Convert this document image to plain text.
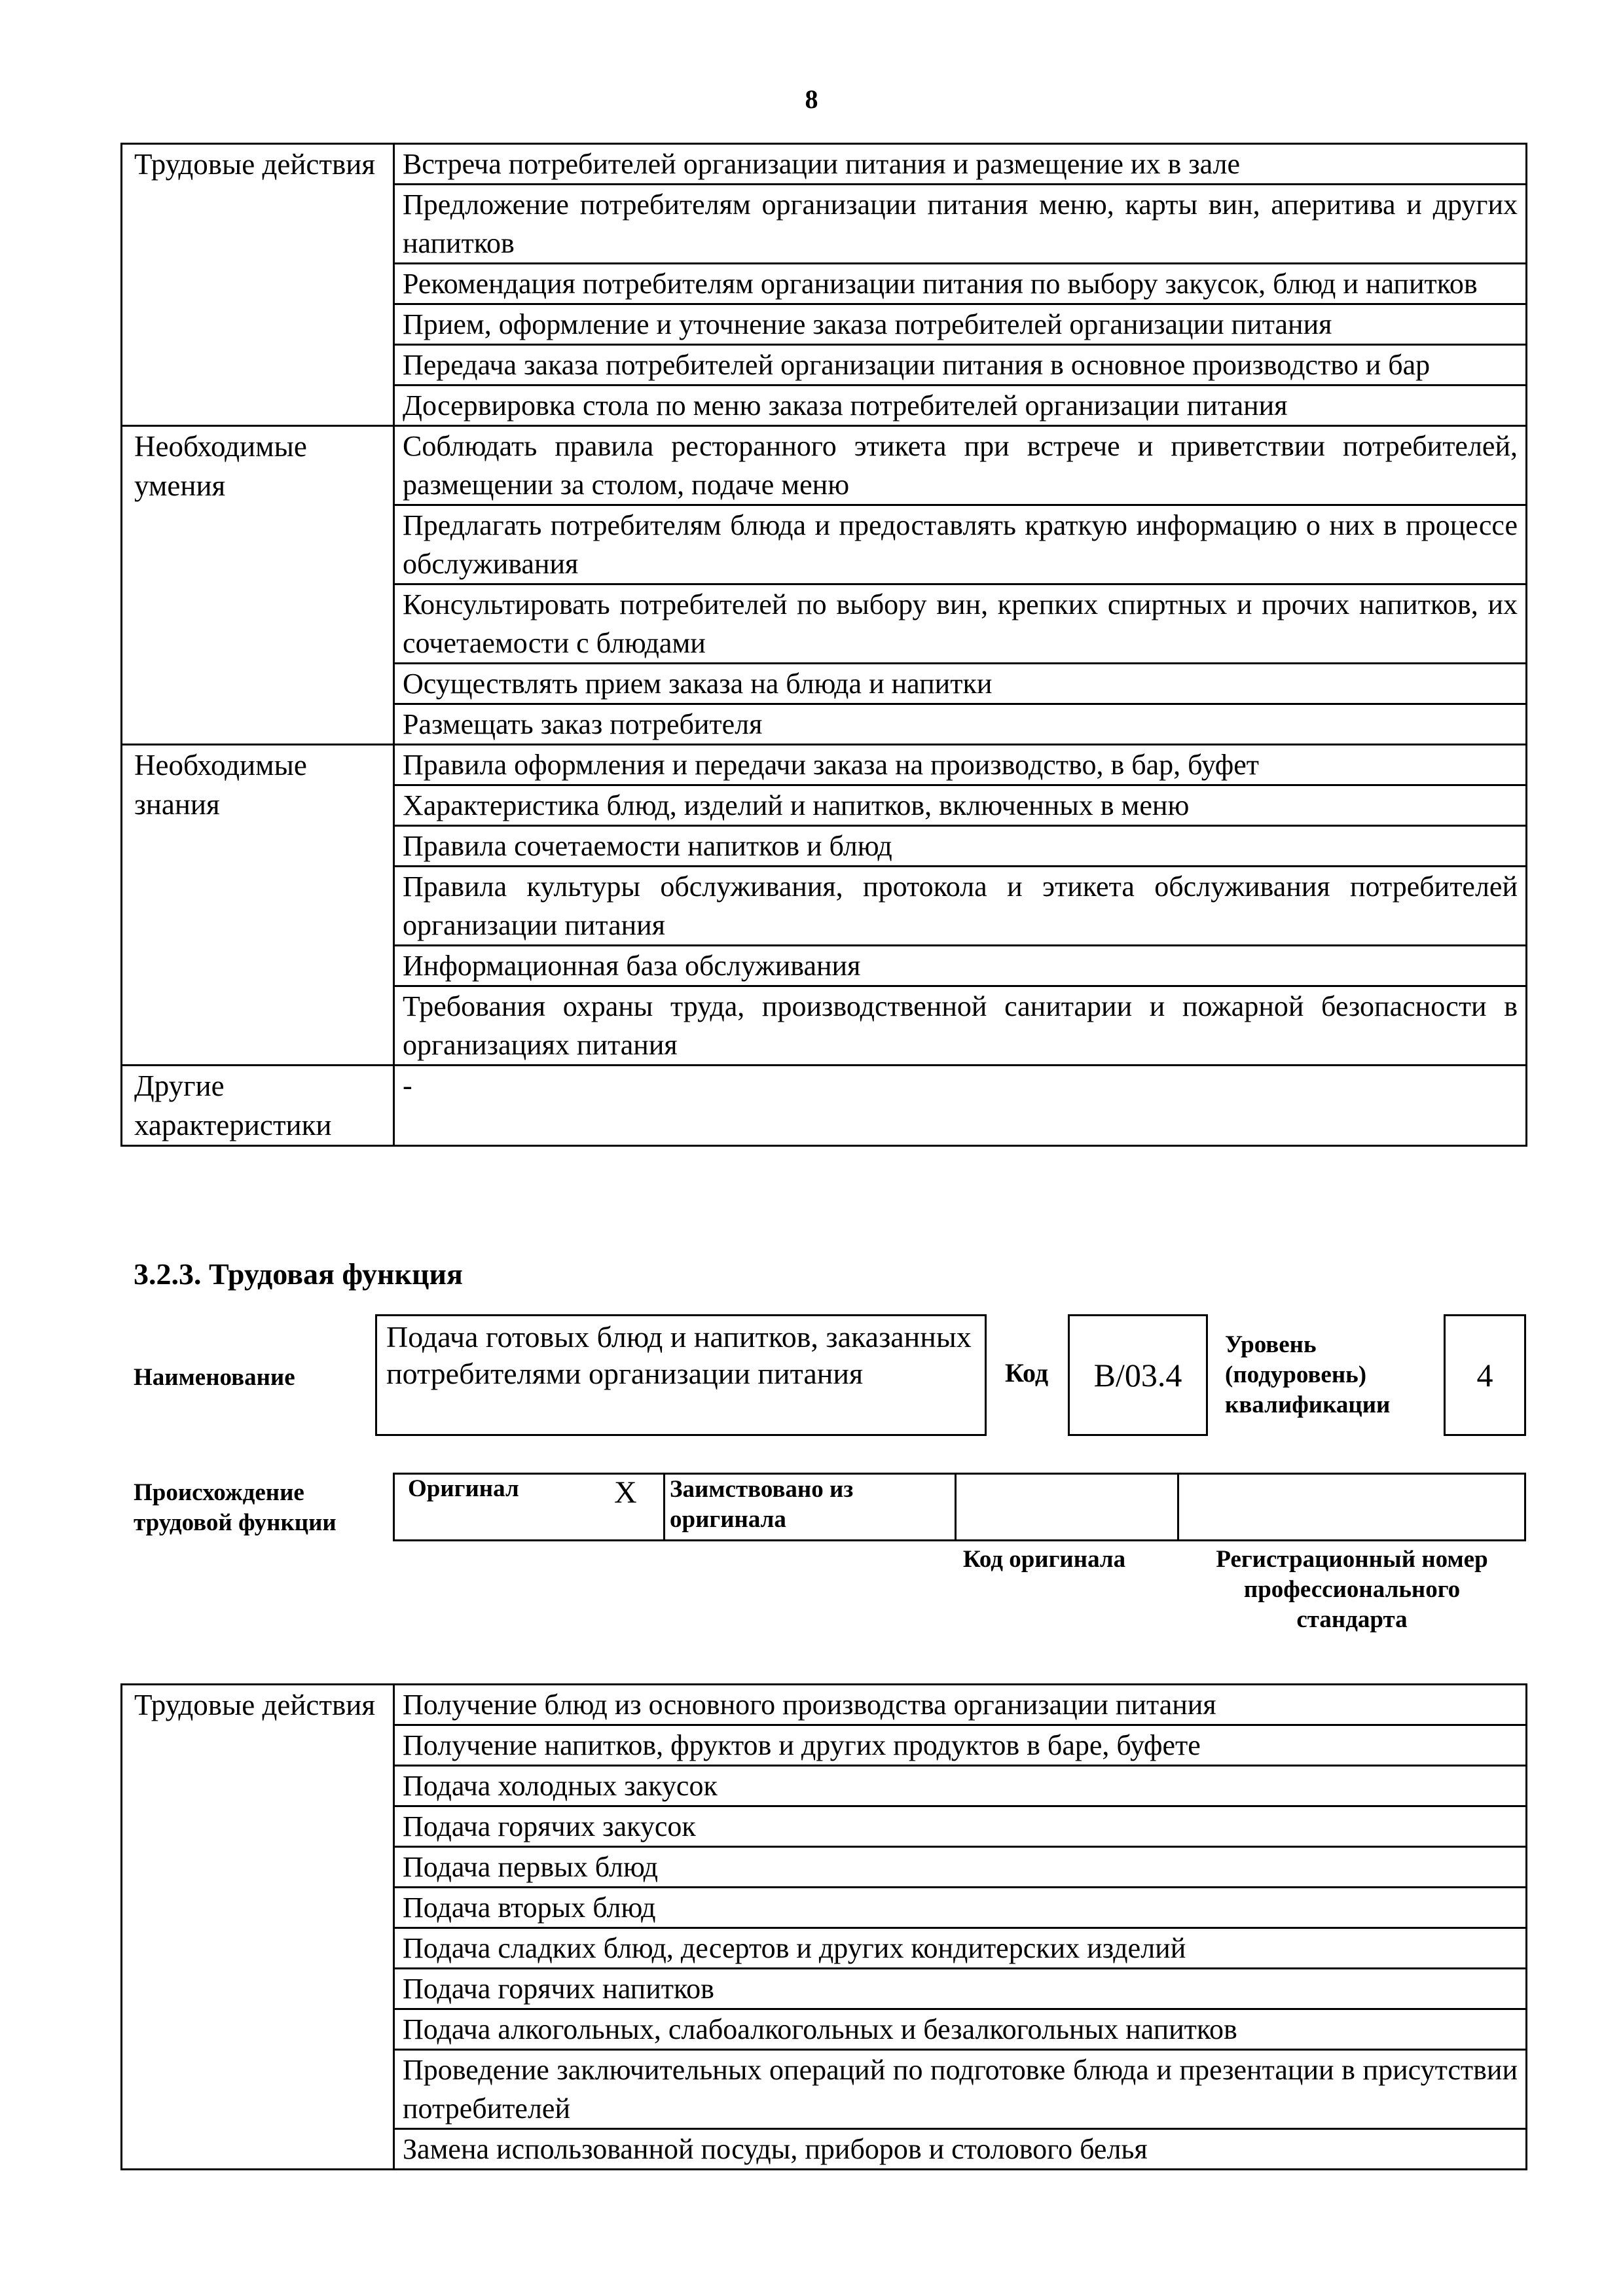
8
Трудовые действия	Встреча потребителей организации питания и размещение их в зале
	Предложение потребителям организации питания меню, карты вин, аперитива и других напитков
	Рекомендация потребителям организации питания по выбору закусок, блюд и напитков
	Прием, оформление и уточнение заказа потребителей организации питания
	Передача заказа потребителей организации питания в основное производство и бар
	Досервировка стола по меню заказа потребителей организации питания
Необходимые умения	Соблюдать правила ресторанного этикета при встрече и приветствии потребителей, размещении за столом, подаче меню
	Предлагать потребителям блюда и предоставлять краткую информацию о них в процессе обслуживания
	Консультировать потребителей по выбору вин, крепких спиртных и прочих напитков, их сочетаемости с блюдами
	Осуществлять прием заказа на блюда и напитки
	Размещать заказ потребителя
Необходимые знания	Правила оформления и передачи заказа на производство, в бар, буфет
	Характеристика блюд, изделий и напитков, включенных в меню
	Правила сочетаемости напитков и блюд
	Правила культуры обслуживания, протокола и этикета обслуживания потребителей организации питания
	Информационная база обслуживания
	Требования охраны труда, производственной санитарии и пожарной безопасности в организациях питания
Другие характеристики	-
3.2.3. Трудовая функция
Наименование
Подача готовых блюд и напитков, заказанных потребителями организации питания	Код	B/03.4
Уровень (подуровень) квалификации
4
Происхождение трудовой функции
Оригинал	X Заимствовано из оригинала
Код оригинала	Регистрационный номер профессионального стандарта
Трудовые действия	Получение блюд из основного производства организации питания
Получение напитков, фруктов и других продуктов в баре, буфете
Подача холодных закусок
Подача горячих закусок
Подача первых блюд
Подача вторых блюд
Подача сладких блюд, десертов и других кондитерских изделий
Подача горячих напитков
Подача алкогольных, слабоалкогольных и безалкогольных напитков
Проведение заключительных операций по подготовке блюда и презентации в присутствии потребителей
Замена использованной посуды, приборов и столового белья
